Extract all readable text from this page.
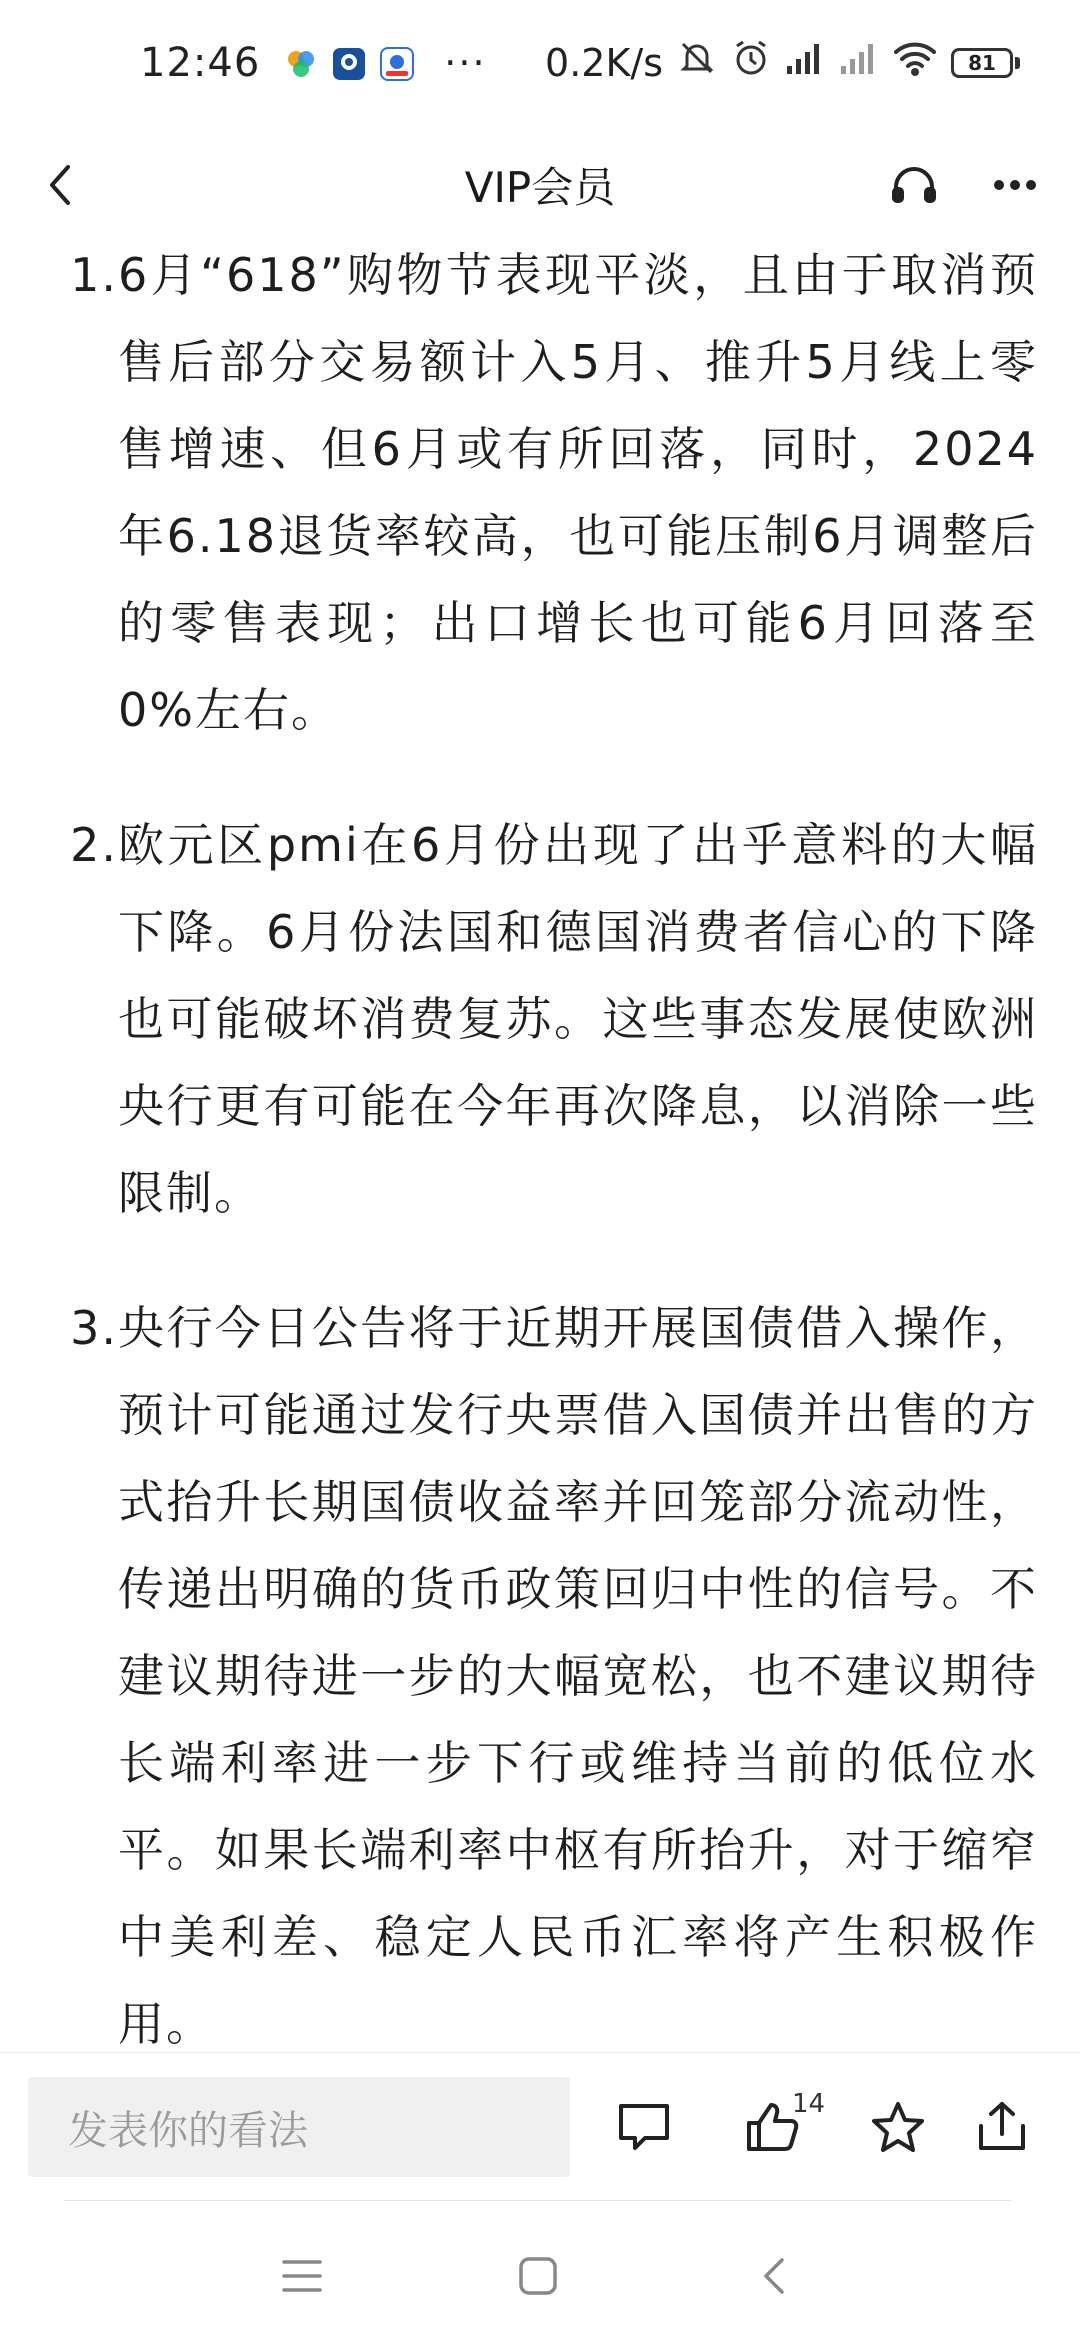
12:46	··· 0.2K/s	81
VIP会员
1. 6月“618”购物节表现平淡，且由于取消预售后部分交易额计入5月、推升5月线上零售增速、但6月或有所回落，同时，2024年6.18退货率较高，也可能压制6月调整后的零售表现；出口增长也可能6月回落至0%左右。
2. 欧元区pmi在6月份出现了出乎意料的大幅下降。6月份法国和德国消费者信心的下降也可能破坏消费复苏。这些事态发展使欧洲央行更有可能在今年再次降息，以消除一些限制。
3. 央行今日公告将于近期开展国债借入操作，预计可能通过发行央票借入国债并出售的方式抬升长期国债收益率并回笼部分流动性，传递出明确的货币政策回归中性的信号。不建议期待进一步的大幅宽松，也不建议期待长端利率进一步下行或维持当前的低位水平。如果长端利率中枢有所抬升，对于缩窄中美利差、稳定人民币汇率将产生积极作用。
发表你的看法
14
